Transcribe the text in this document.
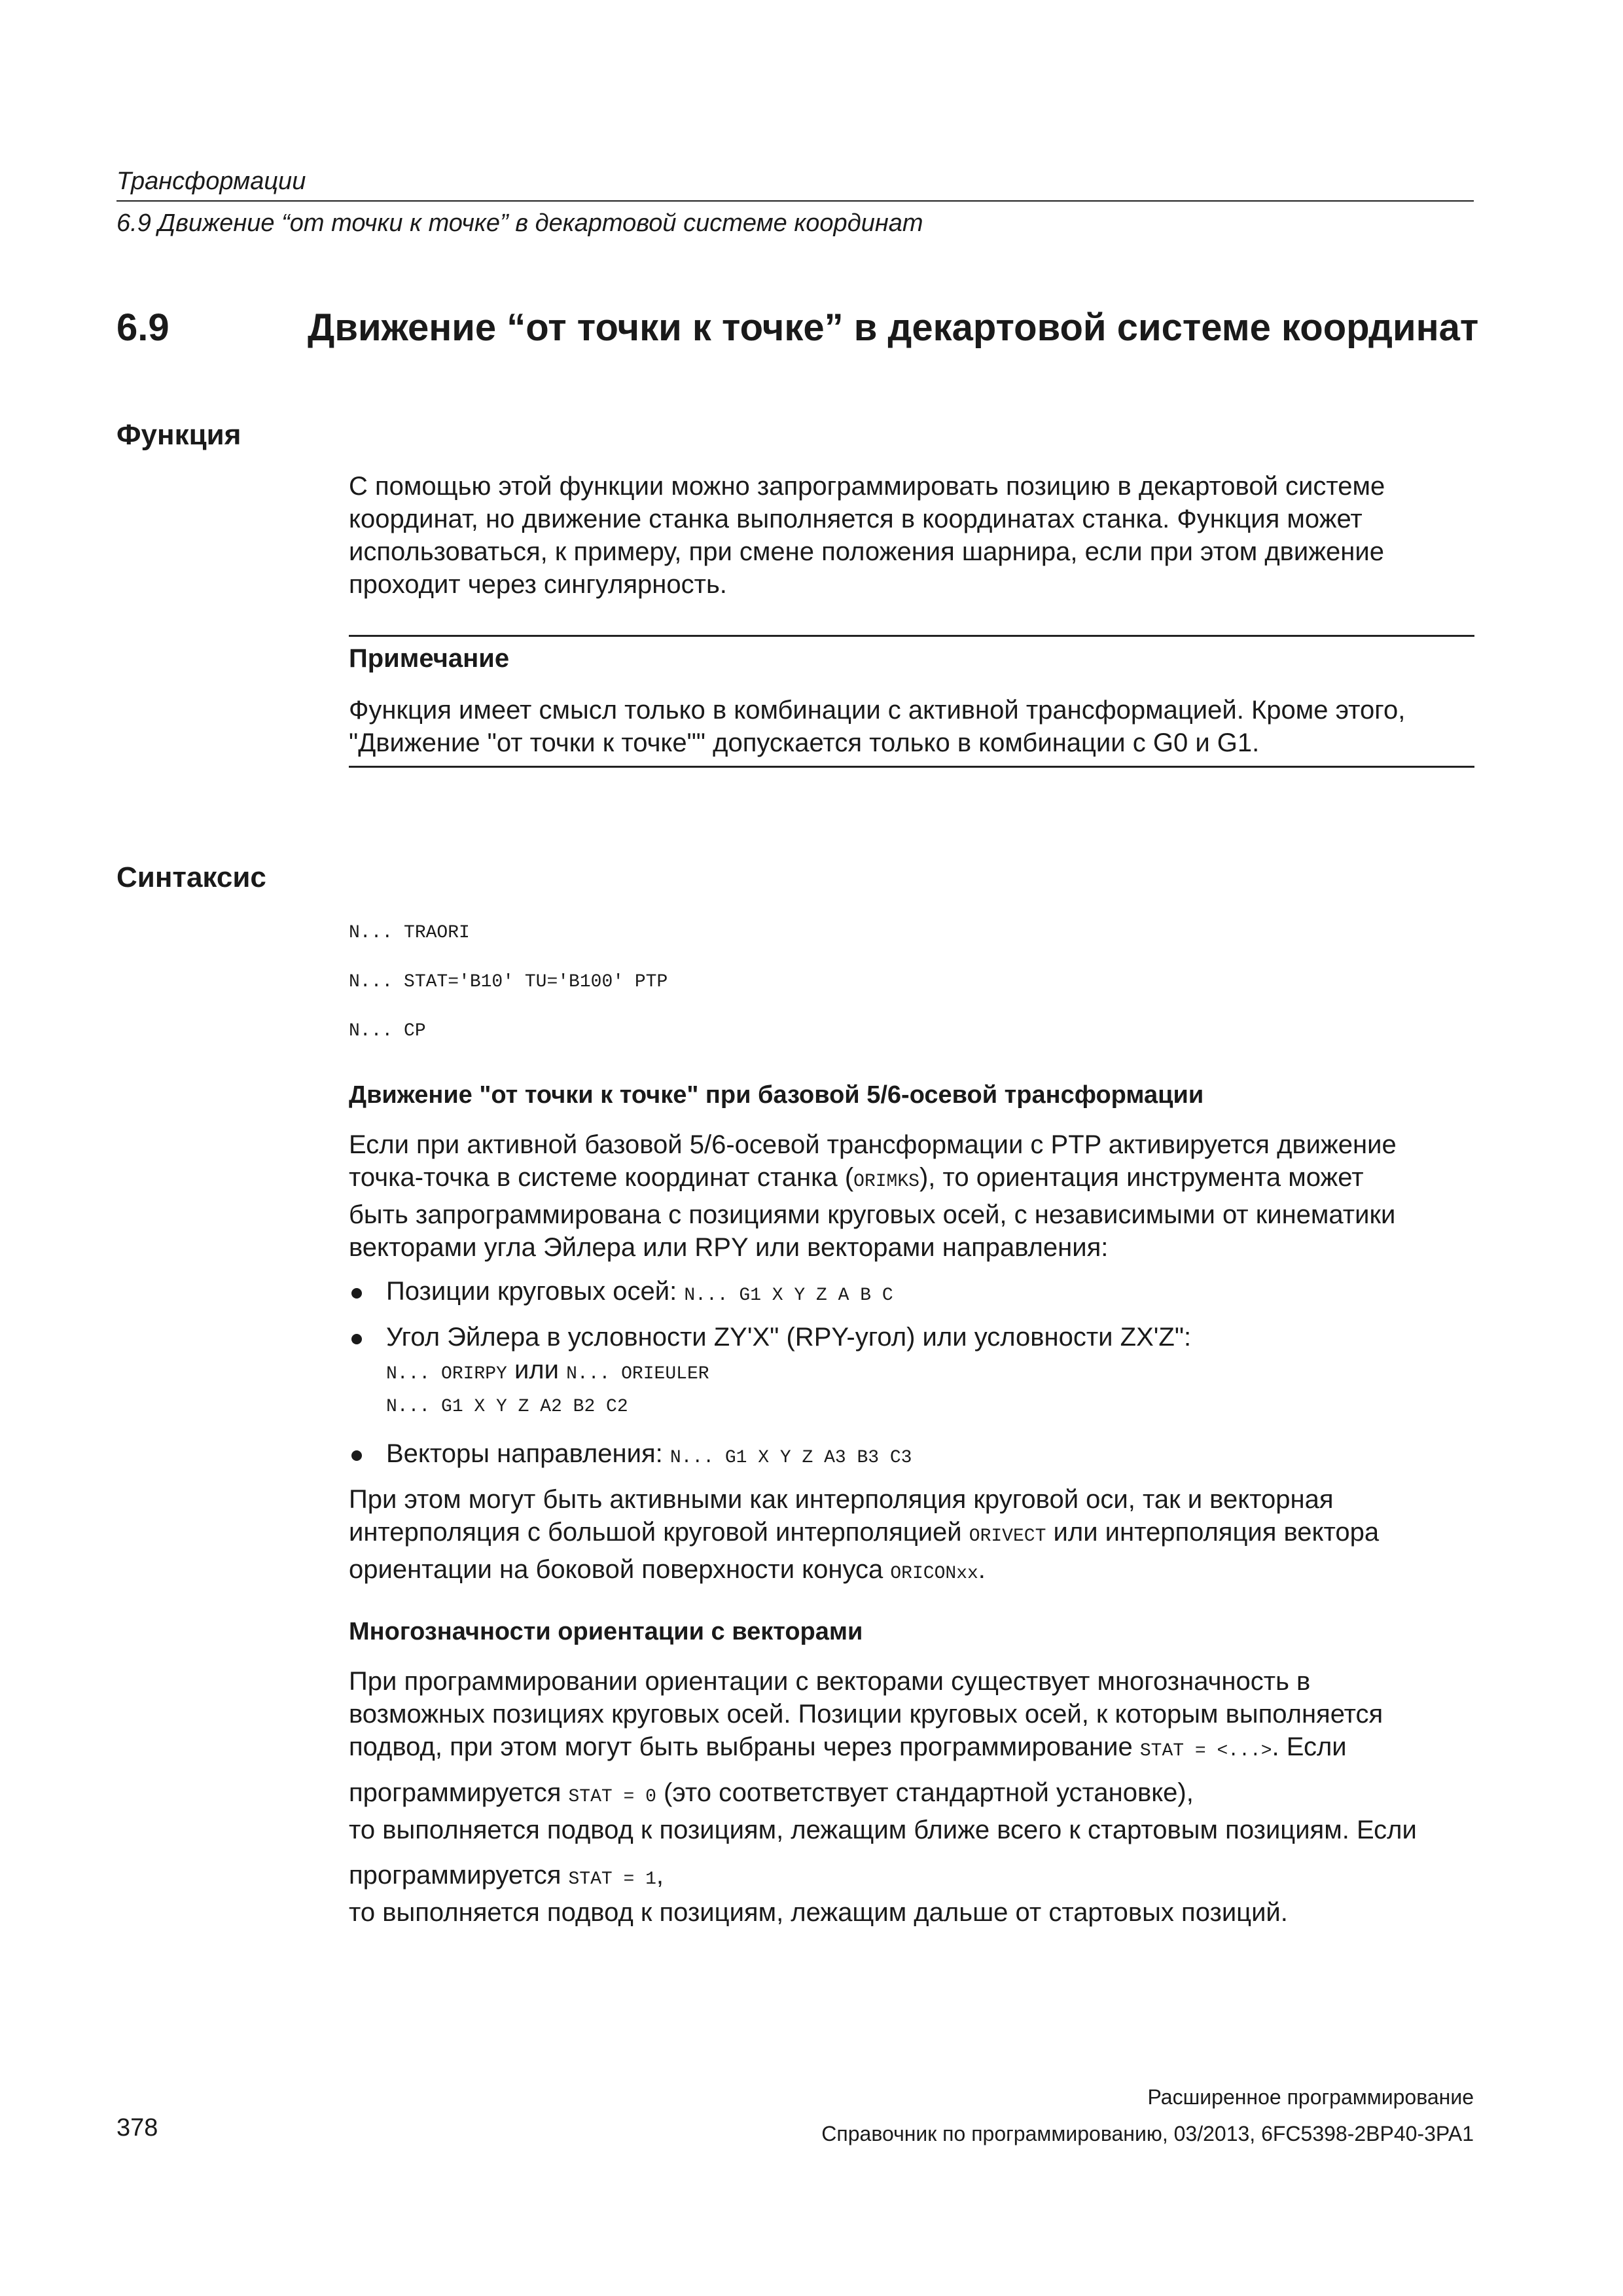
Трансформации
6.9 Движение “от точки к точке” в декартовой системе координат
6.9	Движение “от точки к точке” в декартовой системе координат
Функция
С помощью этой функции можно запрограммировать позицию в декартовой системе
координат, но движение станка выполняется в координатах станка. Функция может
использоваться, к примеру, при смене положения шарнира, если при этом движение
проходит через сингулярность.
Примечание
Функция имеет смысл только в комбинации с активной трансформацией. Кроме этого,
"Движение "от точки к точке"" допускается только в комбинации с G0 и G1.
Синтаксис
N... TRAORI
N... STAT='B10' TU='B100' PTP
N... CP
Движение "от точки к точке" при базовой 5/6-осевой трансформации
Если при активной базовой 5/6-осевой трансформации с PTP активируется движение
точка-точка в системе координат станка (ORIMKS), то ориентация инструмента может
быть запрограммирована с позициями круговых осей, с независимыми от кинематики
векторами угла Эйлера или RPY или векторами направления:
Позиции круговых осей: N... G1 X Y Z A B C
Угол Эйлера в условности ZY'X" (RPY-угол) или условности ZX'Z":
N... ORIRPY или N... ORIEULER
N... G1 X Y Z A2 B2 C2
Векторы направления: N... G1 X Y Z A3 B3 C3
При этом могут быть активными как интерполяция круговой оси, так и векторная
интерполяция с большой круговой интерполяцией ORIVECT или интерполяция вектора
ориентации на боковой поверхности конуса ORICONxx.
Многозначности ориентации с векторами
При программировании ориентации с векторами существует многозначность в
возможных позициях круговых осей. Позиции круговых осей, к которым выполняется
подвод, при этом могут быть выбраны через программирование STAT = <...>. Если
программируется STAT = 0 (это соответствует стандартной установке),
то выполняется подвод к позициям, лежащим ближе всего к стартовым позициям. Если
программируется STAT = 1,
то выполняется подвод к позициям, лежащим дальше от стартовых позиций.
Расширенное программирование
378	Справочник по программированию, 03/2013, 6FC5398-2BP40-3PA1
